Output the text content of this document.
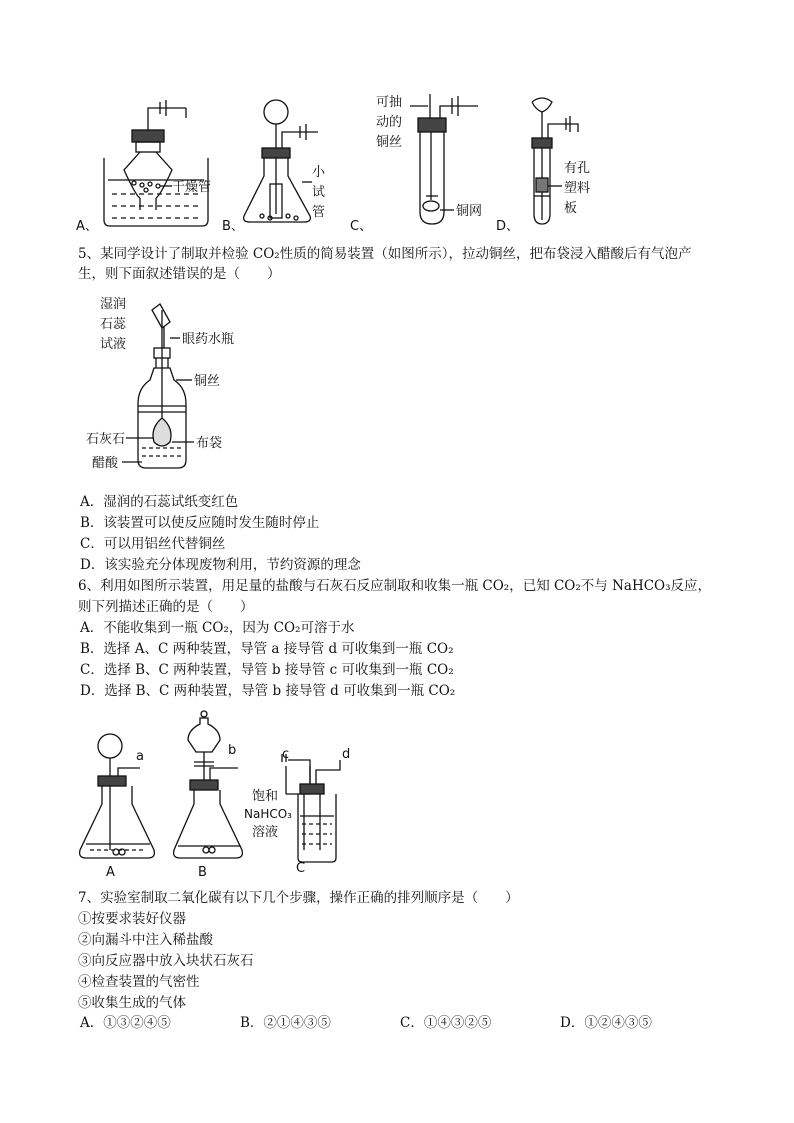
干燥管
小
试
管
可抽
动的
铜丝
铜网
有孔
塑料
板
A、	B、	C、	D、
5、某同学设计了制取并检验 CO₂性质的简易装置（如图所示），拉动铜丝，把布袋浸入醋酸后有气泡产
生，则下面叙述错误的是（　　）
湿润
石蕊
试液	眼药水瓶
铜丝
石灰石	布袋
醋酸
A．湿润的石蕊试纸变红色
B．该装置可以使反应随时发生随时停止
C．可以用铝丝代替铜丝
D．该实验充分体现废物利用，节约资源的理念
6、利用如图所示装置，用足量的盐酸与石灰石反应制取和收集一瓶 CO₂，已知 CO₂不与 NaHCO₃反应，
则下列描述正确的是（　　）
A．不能收集到一瓶 CO₂，因为 CO₂可溶于水
B．选择 A、C 两种装置，导管 a 接导管 d 可收集到一瓶 CO₂
C．选择 B、C 两种装置，导管 b 接导管 c 可收集到一瓶 CO₂
D．选择 B、C 两种装置，导管 b 接导管 d 可收集到一瓶 CO₂
a	b	c	d
饱和
NaHCO₃
溶液
A	B	C
7、实验室制取二氧化碳有以下几个步骤，操作正确的排列顺序是（　　）
①按要求装好仪器
②向漏斗中注入稀盐酸
③向反应器中放入块状石灰石
④检查装置的气密性
⑤收集生成的气体
A．①③②④⑤	B．②①④③⑤	C．①④③②⑤	D．①②④③⑤
